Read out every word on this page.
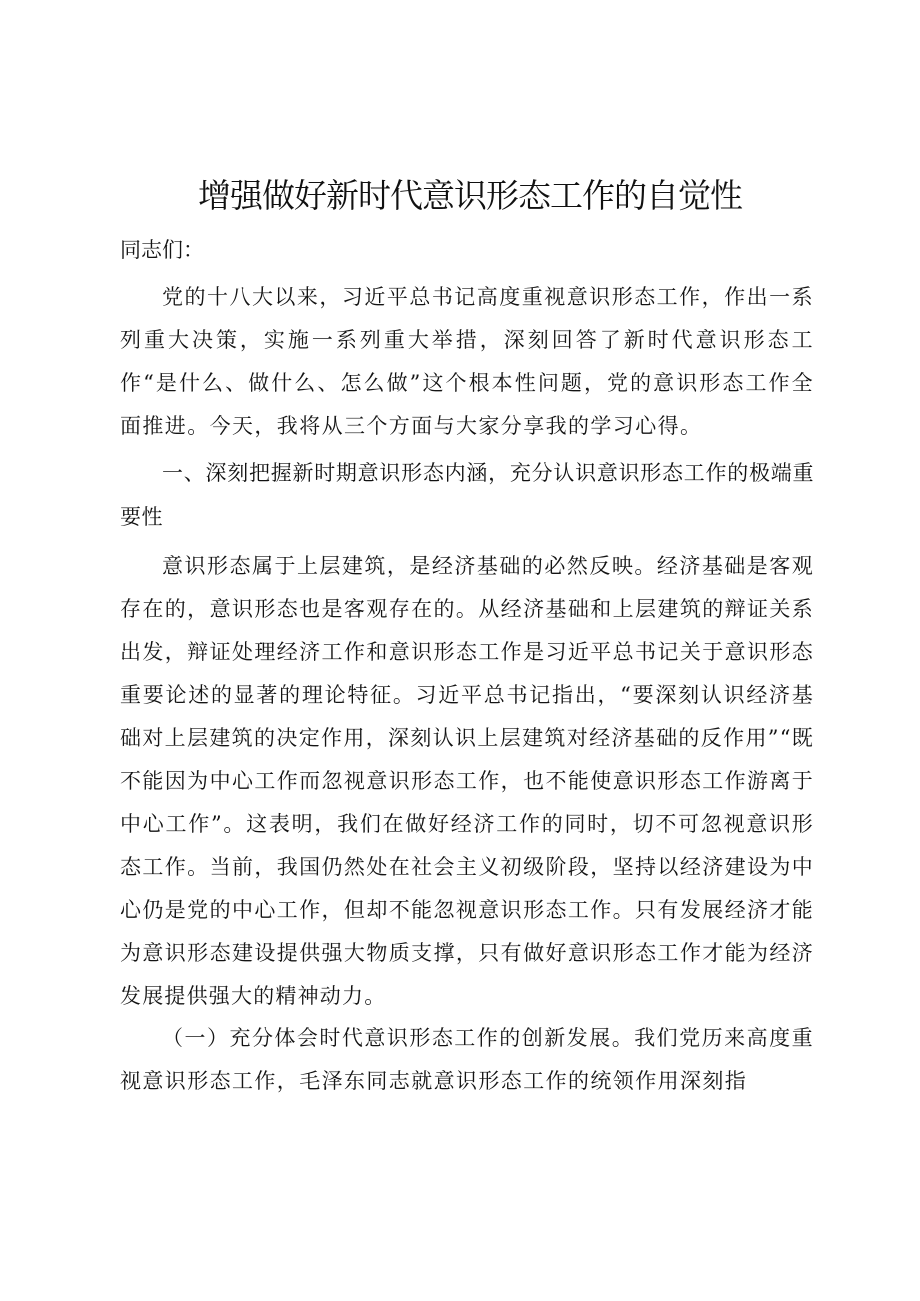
增强做好新时代意识形态工作的自觉性

同志们：

党的十八大以来，习近平总书记高度重视意识形态工作，作出一系列重大决策，实施一系列重大举措，深刻回答了新时代意识形态工作“是什么、做什么、怎么做”这个根本性问题，党的意识形态工作全面推进。今天，我将从三个方面与大家分享我的学习心得。

一、深刻把握新时期意识形态内涵，充分认识意识形态工作的极端重要性

意识形态属于上层建筑，是经济基础的必然反映。经济基础是客观存在的，意识形态也是客观存在的。从经济基础和上层建筑的辩证关系出发，辩证处理经济工作和意识形态工作是习近平总书记关于意识形态重要论述的显著的理论特征。习近平总书记指出，“要深刻认识经济基础对上层建筑的决定作用，深刻认识上层建筑对经济基础的反作用”“既不能因为中心工作而忽视意识形态工作，也不能使意识形态工作游离于中心工作”。这表明，我们在做好经济工作的同时，切不可忽视意识形态工作。当前，我国仍然处在社会主义初级阶段，坚持以经济建设为中心仍是党的中心工作，但却不能忽视意识形态工作。只有发展经济才能为意识形态建设提供强大物质支撑，只有做好意识形态工作才能为经济发展提供强大的精神动力。

（一）充分体会时代意识形态工作的创新发展。我们党历来高度重视意识形态工作，毛泽东同志就意识形态工作的统领作用深刻指
